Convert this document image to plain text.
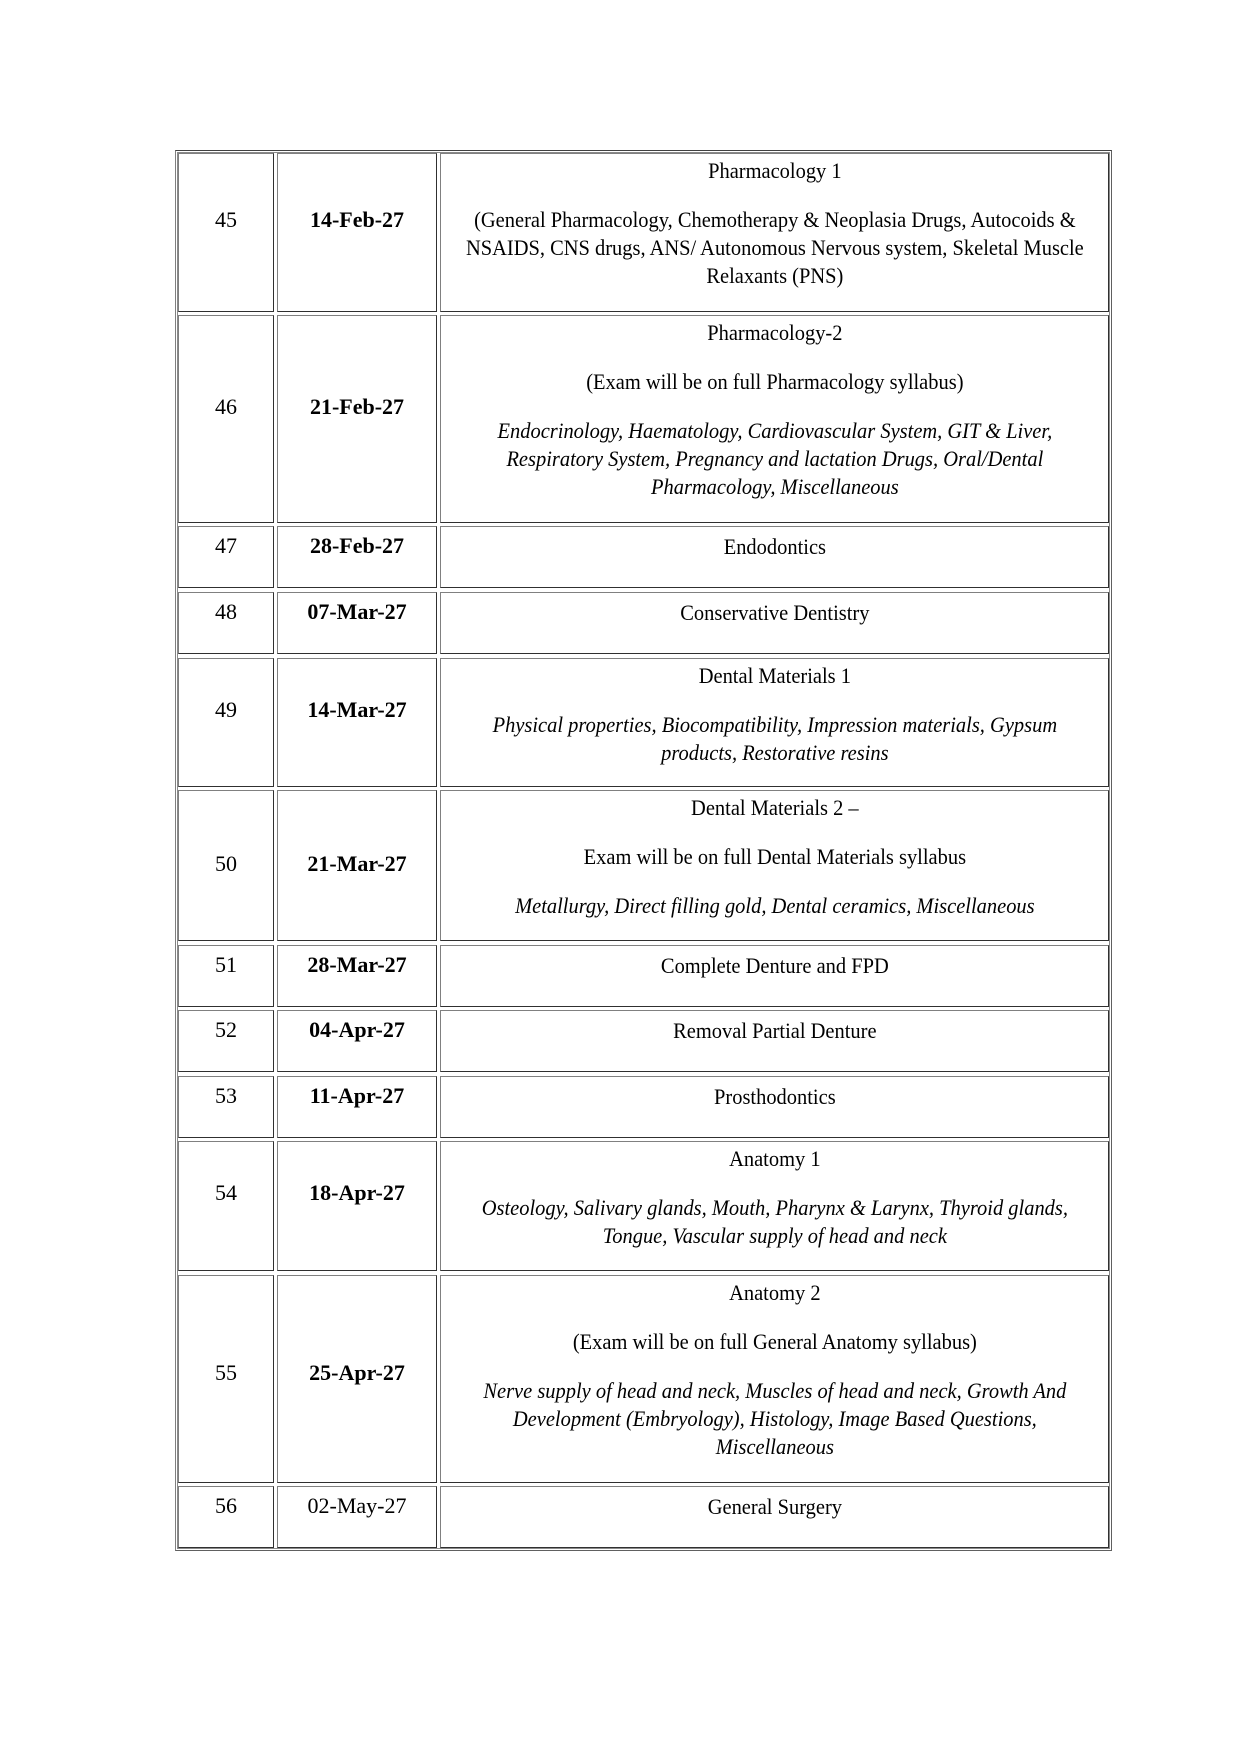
45	14-Feb-27

Pharmacology 1

(General Pharmacology, Chemotherapy & Neoplasia Drugs, Autocoids & NSAIDS, CNS drugs, ANS/ Autonomous Nervous system, Skeletal Muscle Relaxants (PNS)

46	21-Feb-27

Pharmacology-2

(Exam will be on full Pharmacology syllabus)

Endocrinology, Haematology, Cardiovascular System, GIT & Liver, Respiratory System, Pregnancy and lactation Drugs, Oral/Dental Pharmacology, Miscellaneous

47	28-Feb-27	Endodontics

48	07-Mar-27	Conservative Dentistry

49	14-Mar-27

Dental Materials 1

Physical properties, Biocompatibility, Impression materials, Gypsum products, Restorative resins

50	21-Mar-27

Dental Materials 2 –

Exam will be on full Dental Materials syllabus

Metallurgy, Direct filling gold, Dental ceramics, Miscellaneous

51	28-Mar-27	Complete Denture and FPD

52	04-Apr-27	Removal Partial Denture

53	11-Apr-27	Prosthodontics

54	18-Apr-27

Anatomy 1

Osteology, Salivary glands, Mouth, Pharynx & Larynx, Thyroid glands, Tongue, Vascular supply of head and neck

55	25-Apr-27

Anatomy 2

(Exam will be on full General Anatomy syllabus)

Nerve supply of head and neck, Muscles of head and neck, Growth And Development (Embryology), Histology, Image Based Questions, Miscellaneous

56	02-May-27	General Surgery
